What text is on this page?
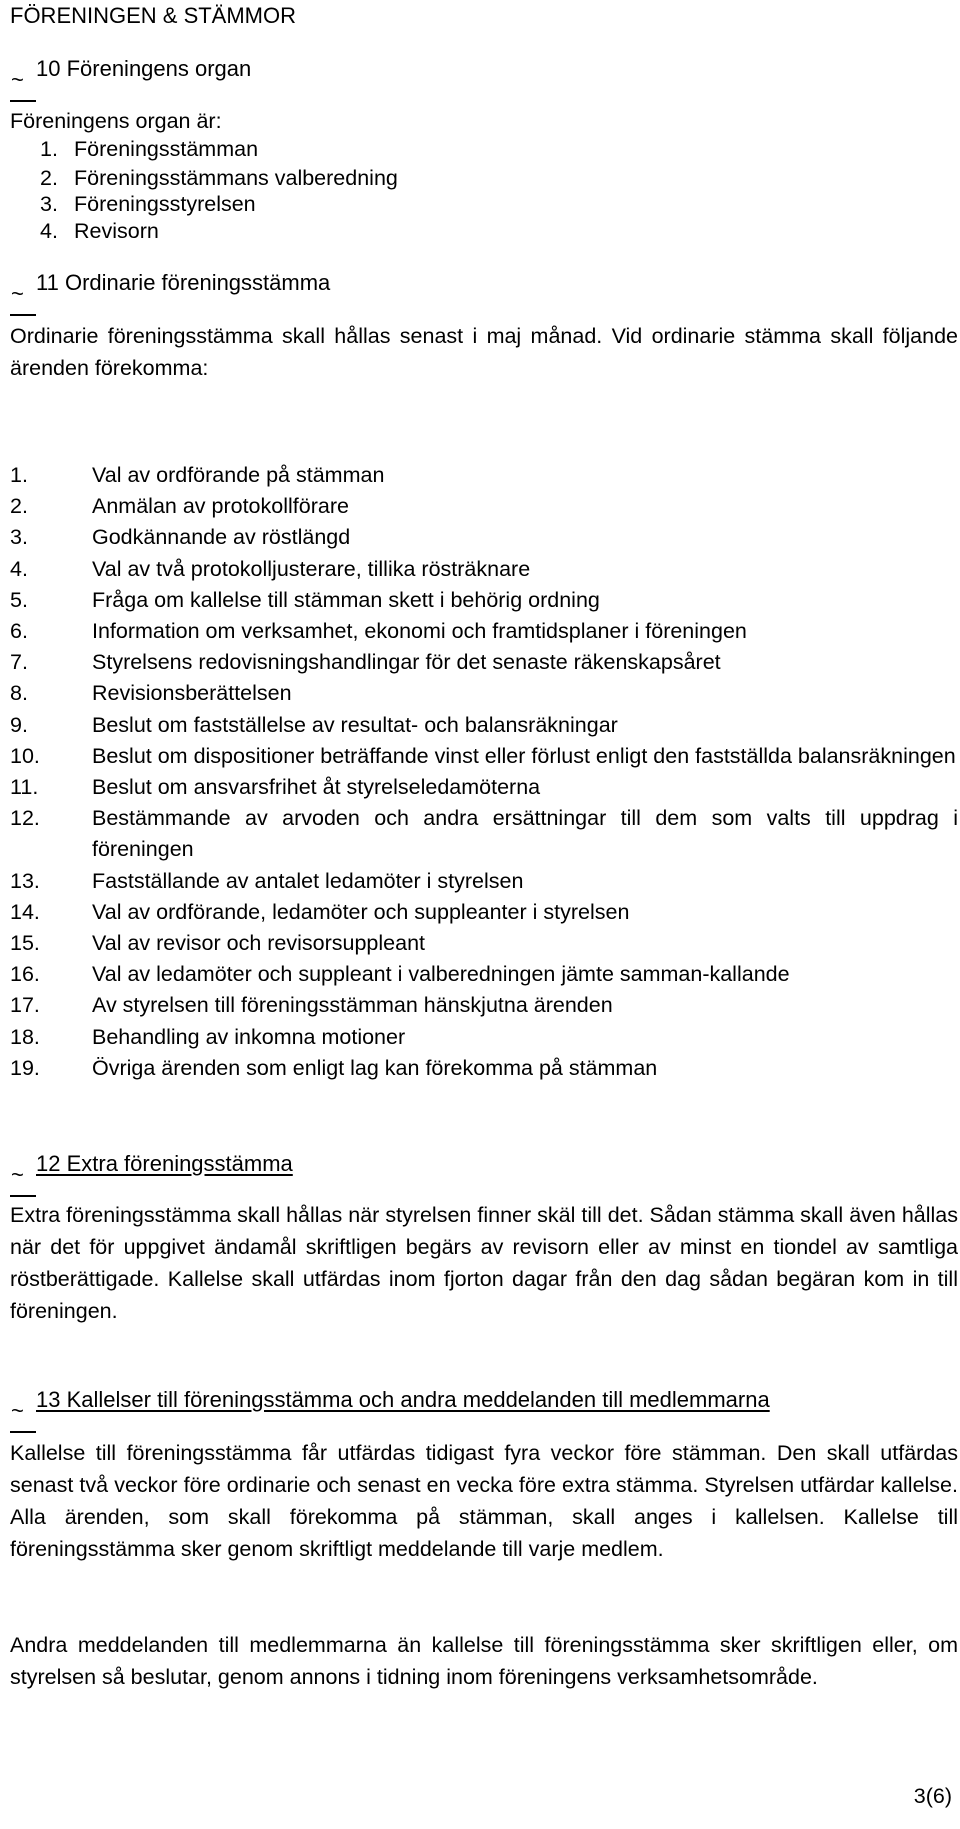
FÖRENINGEN & STÄMMOR
~ 10 Föreningens organ
Föreningens organ är:
1. Föreningsstämman
2. Föreningsstämmans valberedning
3. Föreningsstyrelsen
4. Revisorn
~ 11 Ordinarie föreningsstämma
Ordinarie föreningsstämma skall hållas senast i maj månad. Vid ordinarie stämma skall följande ärenden förekomma:
1.	Val av ordförande på stämman
2.	Anmälan av protokollförare
3.	Godkännande av röstlängd
4.	Val av två protokolljusterare, tillika rösträknare
5.	Fråga om kallelse till stämman skett i behörig ordning
6.	Information om verksamhet, ekonomi och framtidsplaner i föreningen
7.	Styrelsens redovisningshandlingar för det senaste räkenskapsåret
8.	Revisionsberättelsen
9.	Beslut om fastställelse av resultat- och balansräkningar
10.	Beslut om dispositioner beträffande vinst eller förlust enligt den fastställda balansräkningen
11.	Beslut om ansvarsfrihet åt styrelseledamöterna
12.	Bestämmande av arvoden och andra ersättningar till dem som valts till uppdrag i föreningen
13.	Fastställande av antalet ledamöter i styrelsen
14.	Val av ordförande, ledamöter och suppleanter i styrelsen
15.	Val av revisor och revisorsuppleant
16.	Val av ledamöter och suppleant i valberedningen jämte samman-kallande
17.	Av styrelsen till föreningsstämman hänskjutna ärenden
18.	Behandling av inkomna motioner
19.	Övriga ärenden som enligt lag kan förekomma på stämman
~ 12 Extra föreningsstämma
Extra föreningsstämma skall hållas när styrelsen finner skäl till det. Sådan stämma skall även hållas när det för uppgivet ändamål skriftligen begärs av revisorn eller av minst en tiondel av samtliga röstberättigade. Kallelse skall utfärdas inom fjorton dagar från den dag sådan begäran kom in till föreningen.
~ 13 Kallelser till föreningsstämma och andra meddelanden till medlemmarna
Kallelse till föreningsstämma får utfärdas tidigast fyra veckor före stämman. Den skall utfärdas senast två veckor före ordinarie och senast en vecka före extra stämma. Styrelsen utfärdar kallelse. Alla ärenden, som skall förekomma på stämman, skall anges i kallelsen. Kallelse till föreningsstämma sker genom skriftligt meddelande till varje medlem.
Andra meddelanden till medlemmarna än kallelse till föreningsstämma sker skriftligen eller, om styrelsen så beslutar, genom annons i tidning inom föreningens verksamhetsområde.
3(6)
